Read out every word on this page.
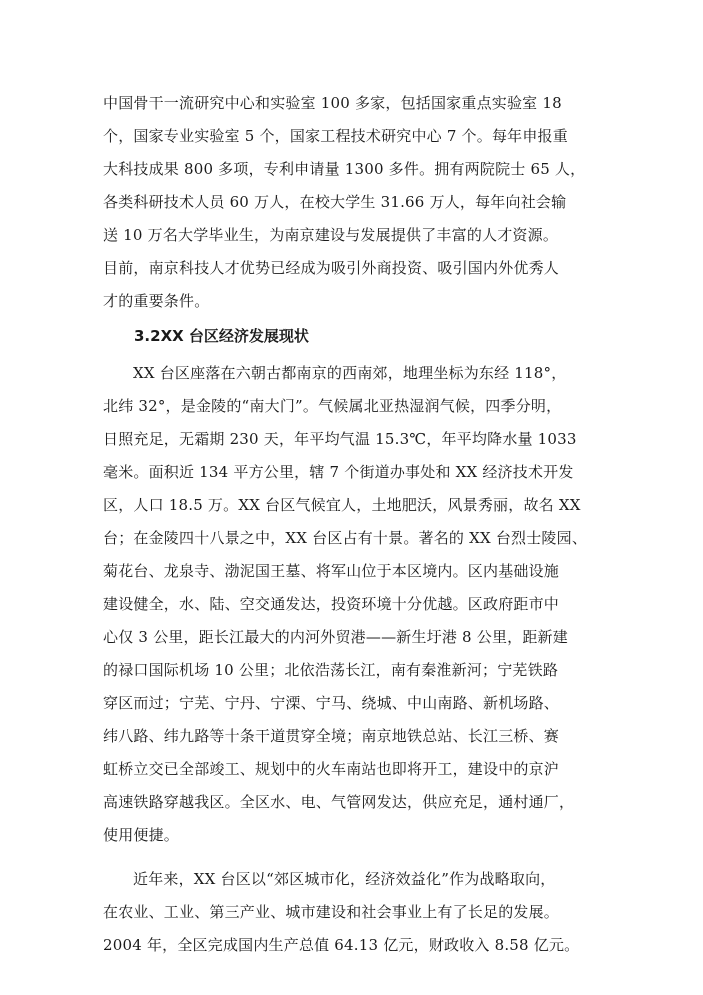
中国骨干一流研究中心和实验室 100 多家，包括国家重点实验室 18
个，国家专业实验室 5 个，国家工程技术研究中心 7 个。每年申报重
大科技成果 800 多项，专利申请量 1300 多件。拥有两院院士 65 人，
各类科研技术人员 60 万人，在校大学生 31.66 万人，每年向社会输
送 10 万名大学毕业生，为南京建设与发展提供了丰富的人才资源。
目前，南京科技人才优势已经成为吸引外商投资、吸引国内外优秀人
才的重要条件。
3.2XX 台区经济发展现状
XX 台区座落在六朝古都南京的西南郊，地理坐标为东经 118°，
北纬 32°，是金陵的“南大门”。气候属北亚热湿润气候，四季分明，
日照充足，无霜期 230 天，年平均气温 15.3℃，年平均降水量 1033
毫米。面积近 134 平方公里，辖 7 个街道办事处和 XX 经济技术开发
区，人口 18.5 万。XX 台区气候宜人，土地肥沃，风景秀丽，故名 XX
台；在金陵四十八景之中，XX 台区占有十景。著名的 XX 台烈士陵园、
菊花台、龙泉寺、渤泥国王墓、将军山位于本区境内。区内基础设施
建设健全，水、陆、空交通发达，投资环境十分优越。区政府距市中
心仅 3 公里，距长江最大的内河外贸港——新生圩港 8 公里，距新建
的禄口国际机场 10 公里；北依浩荡长江，南有秦淮新河；宁芜铁路
穿区而过；宁芜、宁丹、宁溧、宁马、绕城、中山南路、新机场路、
纬八路、纬九路等十条干道贯穿全境；南京地铁总站、长江三桥、赛
虹桥立交已全部竣工、规划中的火车南站也即将开工，建设中的京沪
高速铁路穿越我区。全区水、电、气管网发达，供应充足，通村通厂，
使用便捷。
近年来，XX 台区以“郊区城市化，经济效益化”作为战略取向，
在农业、工业、第三产业、城市建设和社会事业上有了长足的发展。
2004 年，全区完成国内生产总值 64.13 亿元，财政收入 8.58 亿元。
